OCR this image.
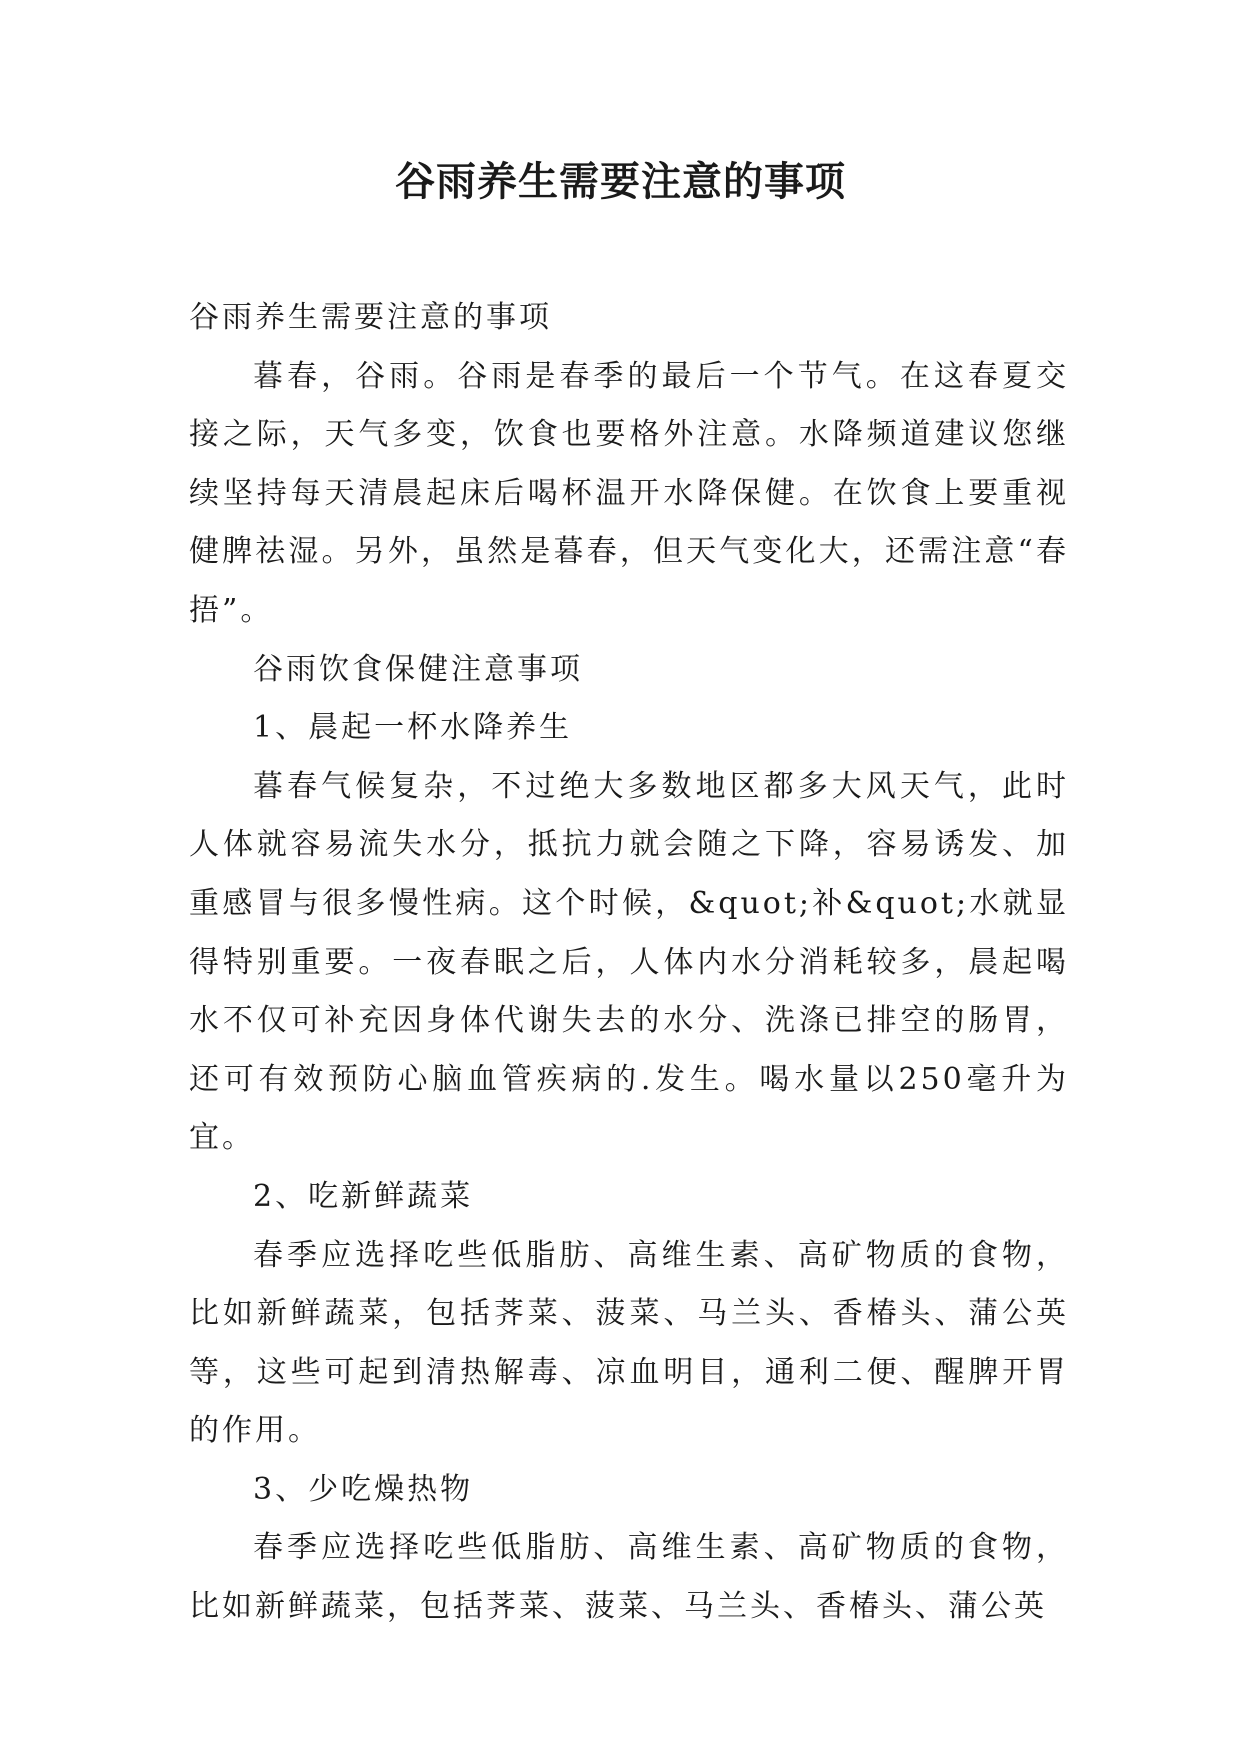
谷雨养生需要注意的事项

谷雨养生需要注意的事项

暮春，谷雨。谷雨是春季的最后一个节气。在这春夏交接之际，天气多变，饮食也要格外注意。水降频道建议您继续坚持每天清晨起床后喝杯温开水降保健。在饮食上要重视健脾祛湿。另外，虽然是暮春，但天气变化大，还需注意“春捂”。

谷雨饮食保健注意事项

1、晨起一杯水降养生

暮春气候复杂，不过绝大多数地区都多大风天气，此时人体就容易流失水分，抵抗力就会随之下降，容易诱发、加重感冒与很多慢性病。这个时候，&quot;补&quot;水就显得特别重要。一夜春眠之后，人体内水分消耗较多，晨起喝水不仅可补充因身体代谢失去的水分、洗涤已排空的肠胃，还可有效预防心脑血管疾病的.发生。喝水量以250毫升为宜。

2、吃新鲜蔬菜

春季应选择吃些低脂肪、高维生素、高矿物质的食物，比如新鲜蔬菜，包括荠菜、菠菜、马兰头、香椿头、蒲公英等，这些可起到清热解毒、凉血明目，通利二便、醒脾开胃的作用。

3、少吃燥热物

春季应选择吃些低脂肪、高维生素、高矿物质的食物，比如新鲜蔬菜，包括荠菜、菠菜、马兰头、香椿头、蒲公英
